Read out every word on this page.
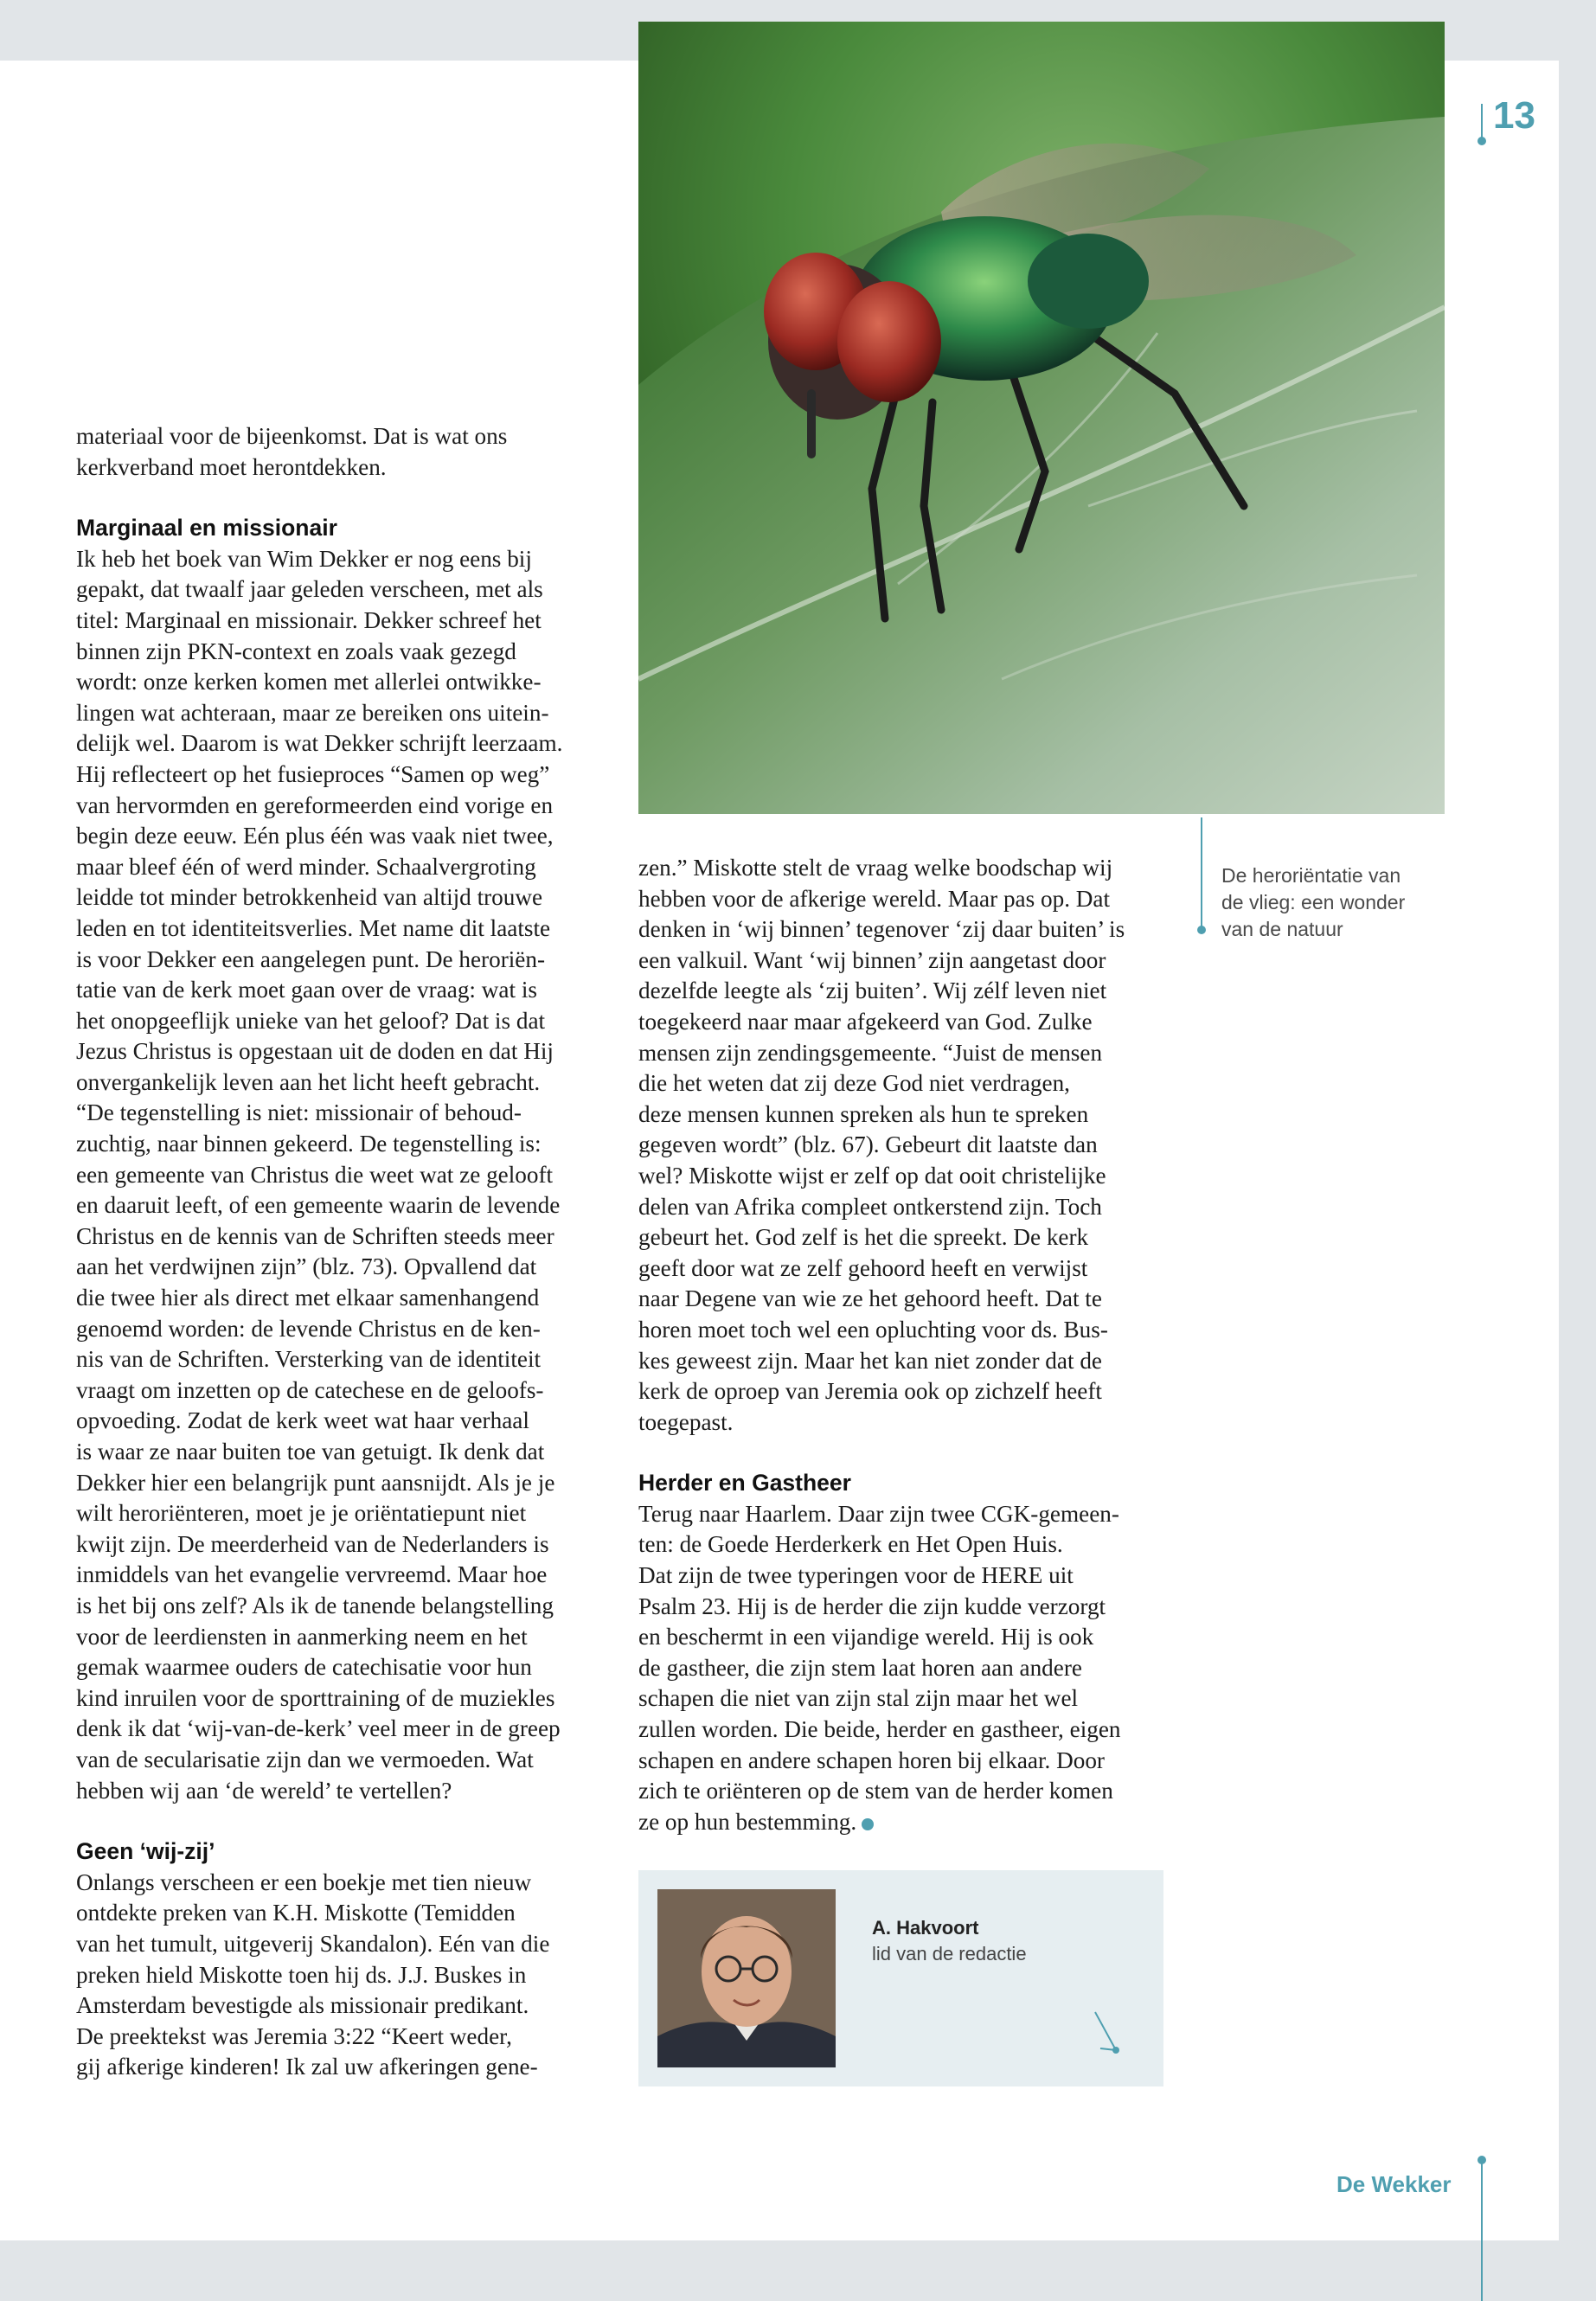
13
De heroriëntatie van
de vlieg: een wonder
van de natuur

materiaal voor de bijeenkomst. Dat is wat ons

kerkverband moet herontdekken.

Marginaal en missionair

Ik heb het boek van Wim Dekker er nog eens bij

gepakt, dat twaalf jaar geleden verscheen, met als

titel: Marginaal en missionair. Dekker schreef het

binnen zijn PKN-context en zoals vaak gezegd

wordt: onze kerken komen met allerlei ontwikke-

lingen wat achteraan, maar ze bereiken ons uitein-

delijk wel. Daarom is wat Dekker schrijft leerzaam.

Hij reflecteert op het fusieproces “Samen op weg”

van hervormden en gereformeerden eind vorige en

begin deze eeuw. Eén plus één was vaak niet twee,

maar bleef één of werd minder. Schaalvergroting

leidde tot minder betrokkenheid van altijd trouwe

leden en tot identiteitsverlies. Met name dit laatste

is voor Dekker een aangelegen punt. De heroriën-

tatie van de kerk moet gaan over de vraag: wat is

het onopgeeflijk unieke van het geloof? Dat is dat

Jezus Christus is opgestaan uit de doden en dat Hij

onvergankelijk leven aan het licht heeft gebracht.

“De tegenstelling is niet: missionair of behoud-

zuchtig, naar binnen gekeerd. De tegenstelling is:

een gemeente van Christus die weet wat ze gelooft

en daaruit leeft, of een gemeente waarin de levende

Christus en de kennis van de Schriften steeds meer

aan het verdwijnen zijn” (blz. 73). Opvallend dat

die twee hier als direct met elkaar samenhangend

genoemd worden: de levende Christus en de ken-

nis van de Schriften. Versterking van de identiteit

vraagt om inzetten op de catechese en de geloofs-

opvoeding. Zodat de kerk weet wat haar verhaal

is waar ze naar buiten toe van getuigt. Ik denk dat

Dekker hier een belangrijk punt aansnijdt. Als je je

wilt heroriënteren, moet je je oriëntatiepunt niet

kwijt zijn. De meerderheid van de Nederlanders is

inmiddels van het evangelie vervreemd. Maar hoe

is het bij ons zelf? Als ik de tanende belangstelling

voor de leerdiensten in aanmerking neem en het

gemak waarmee ouders de catechisatie voor hun

kind inruilen voor de sporttraining of de muziekles

denk ik dat ‘wij-van-de-kerk’ veel meer in de greep

van de secularisatie zijn dan we vermoeden. Wat

hebben wij aan ‘de wereld’ te vertellen?

Geen ‘wij-zij’

Onlangs verscheen er een boekje met tien nieuw

ontdekte preken van K.H. Miskotte (Temidden

van het tumult, uitgeverij Skandalon). Eén van die

preken hield Miskotte toen hij ds. J.J. Buskes in

Amsterdam bevestigde als missionair predikant.

De preektekst was Jeremia 3:22 “Keert weder,

gij afkerige kinderen! Ik zal uw afkeringen gene-

zen.” Miskotte stelt de vraag welke boodschap wij

hebben voor de afkerige wereld. Maar pas op. Dat

denken in ‘wij binnen’ tegenover ‘zij daar buiten’ is

een valkuil. Want ‘wij binnen’ zijn aangetast door

dezelfde leegte als ‘zij buiten’. Wij zélf leven niet

toegekeerd naar maar afgekeerd van God. Zulke

mensen zijn zendingsgemeente. “Juist de mensen

die het weten dat zij deze God niet verdragen,

deze mensen kunnen spreken als hun te spreken

gegeven wordt” (blz. 67). Gebeurt dit laatste dan

wel? Miskotte wijst er zelf op dat ooit christelijke

delen van Afrika compleet ontkerstend zijn. Toch

gebeurt het. God zelf is het die spreekt. De kerk

geeft door wat ze zelf gehoord heeft en verwijst

naar Degene van wie ze het gehoord heeft. Dat te

horen moet toch wel een opluchting voor ds. Bus-

kes geweest zijn. Maar het kan niet zonder dat de

kerk de oproep van Jeremia ook op zichzelf heeft

toegepast.

Herder en Gastheer

Terug naar Haarlem. Daar zijn twee CGK-gemeen-

ten: de Goede Herderkerk en Het Open Huis.

Dat zijn de twee typeringen voor de HERE uit

Psalm 23. Hij is de herder die zijn kudde verzorgt

en beschermt in een vijandige wereld. Hij is ook

de gastheer, die zijn stem laat horen aan andere

schapen die niet van zijn stal zijn maar het wel

zullen worden. Die beide, herder en gastheer, eigen

schapen en andere schapen horen bij elkaar. Door

zich te oriënteren op de stem van de herder komen

ze op hun bestemming.

A. Hakvoort
lid van de redactie
De Wekker
